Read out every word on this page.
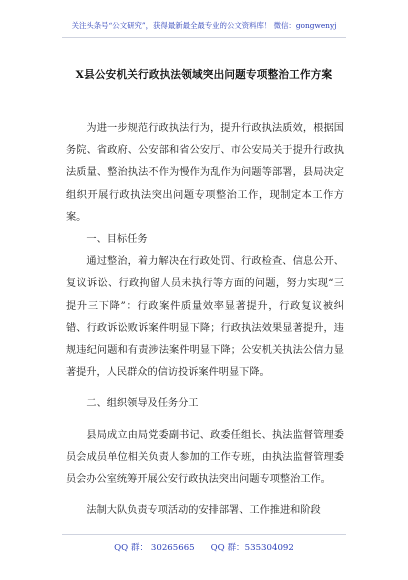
关注头条号“公文研究”，获得最新最全最专业的公文资料库！ 微信：gongwenyj
X县公安机关行政执法领域突出问题专项整治工作方案

为进一步规范行政执法行为，提升行政执法质效，根据国务院、省政府、公安部和省公安厅、市公安局关于提升行政执法质量、整治执法不作为慢作为乱作为问题等部署，县局决定组织开展行政执法突出问题专项整治工作，现制定本工作方案。

一、目标任务

通过整治，着力解决在行政处罚、行政检查、信息公开、复议诉讼、行政拘留人员未执行等方面的问题，努力实现“三提升三下降”：行政案件质量效率显著提升，行政复议被纠错、行政诉讼败诉案件明显下降；行政执法效果显著提升，违规违纪问题和有责涉法案件明显下降；公安机关执法公信力显著提升，人民群众的信访投诉案件明显下降。

二、组织领导及任务分工

县局成立由局党委副书记、政委任组长、执法监督管理委员会成员单位相关负责人参加的工作专班，由执法监督管理委员会办公室统筹开展公安行政执法突出问题专项整治工作。

法制大队负责专项活动的安排部署、工作推进和阶段

QQ 群： 30265665 QQ 群：535304092
